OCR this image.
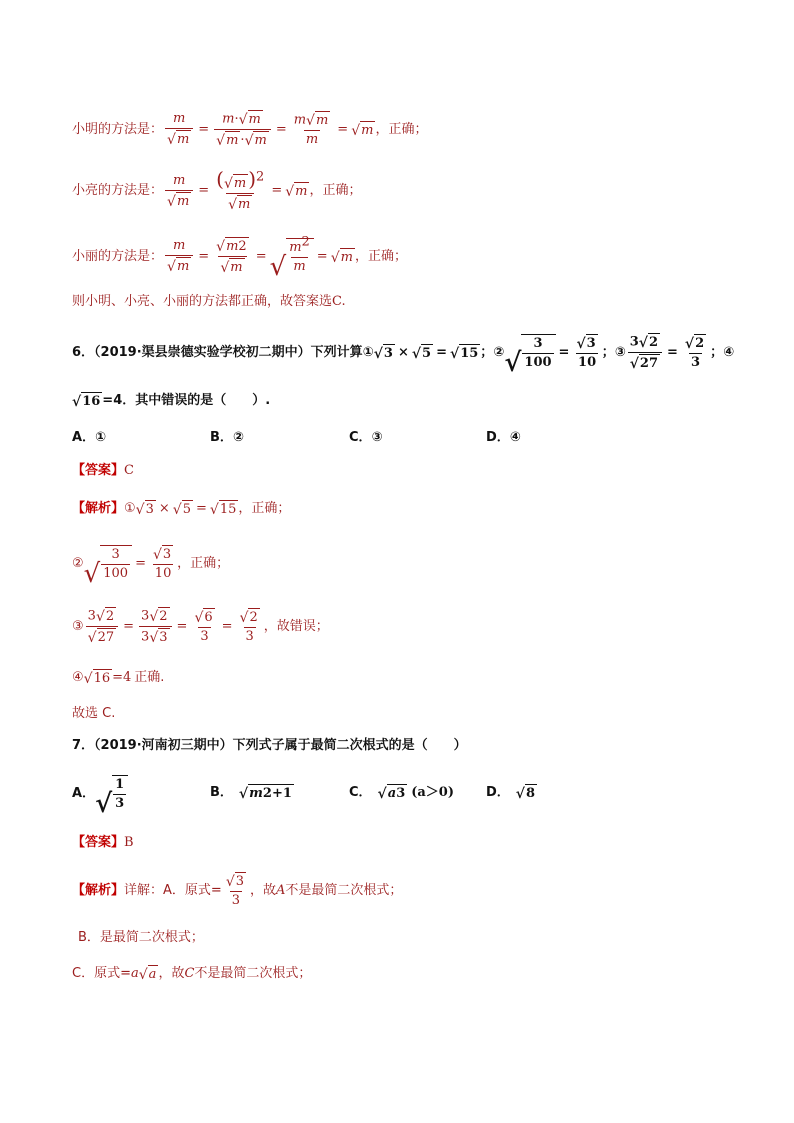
小明的方法是： $\frac{m}{√ m} = \frac{m\cdot √ m}{√ m \cdot √ m} = \frac{m √ m}{m}$ = √ m ，正确；
小亮的方法是： $\frac{m}{√ m} = \frac{( √ m )^2}{√ m}$ = √ m ，正确；
小丽的方法是： $\frac{m}{√ m} = \frac{√ m 2}{√ m}$ = √ $\frac{m^2}{m}$ = √ m ，正确；
则小明、小亮、小丽的方法都正确，故答案选C.
6．（2019·渠县崇德实验学校初二期中）下列计算① √ 3 × √ 5 = √ 15 ；② √ $\frac{3}{100} = \frac{√ 3}{10}$ ；③ $\frac{3 √ 2}{√ 27} = \frac{√ 2}{3}$ ；④
√ 16 =4．其中错误的是（　　）.
A．①	B．②	C．③	D．④
【答案】C
【解析】 ① √ 3 × √ 5 = √ 15 ，正确；
② √ $\frac{3}{100} = \frac{√ 3}{10}$ ，正确；
③ $\frac{3 √ 2}{√ 27} = \frac{3 √ 2}{3 √ 3} = \frac{√ 6}{3} = \frac{√ 2}{3}$ ，故错误；
④ √ 16 =4 正确.
故选 C.
7．（2019·河南初三期中）下列式子属于最简二次根式的是（　　）
A． √ $\frac{1}{3}$	B． √ m 2 +1	C． √ a 3 (a＞0) D． √ 8
【答案】B
【解析】 详解：A．原式= $\frac{√ 3}{3}$ ，故 A 不是最简二次根式；
B．是最简二次根式；
C．原式= a √ a ，故 C 不是最简二次根式；
